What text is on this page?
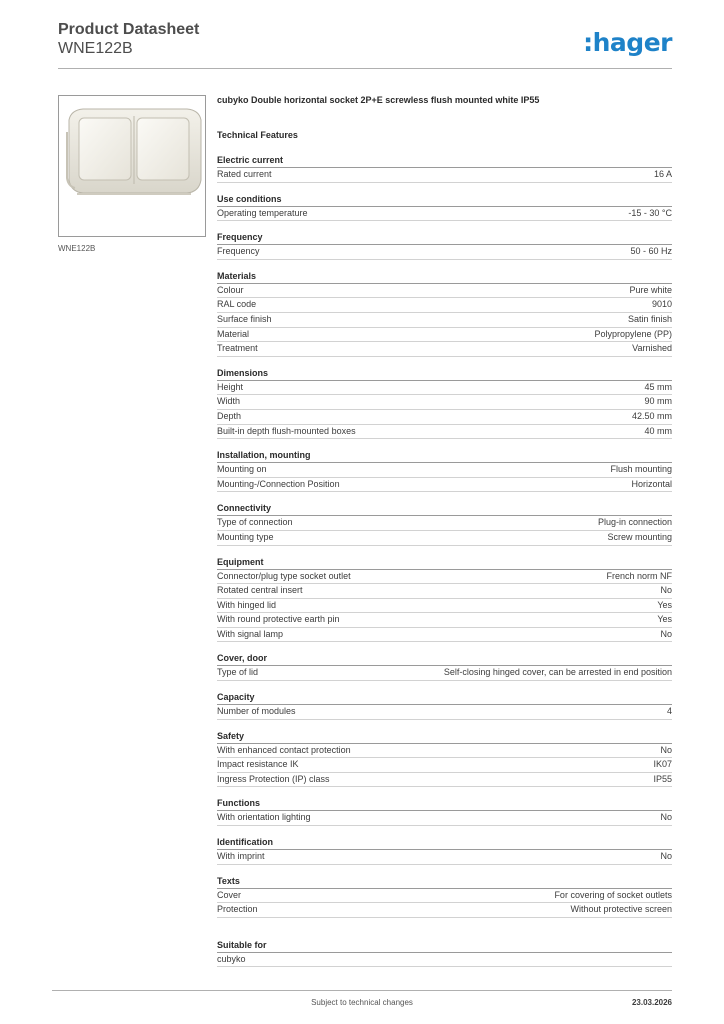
Product Datasheet
WNE122B	:hager
WNE122B
cubyko Double horizontal socket 2P+E screwless flush mounted white IP55
Technical Features
Electric current
Rated current	16 A
Use conditions
Operating temperature	-15 - 30 °C
Frequency
Frequency	50 - 60 Hz
Materials
Colour	Pure white
RAL code	9010
Surface finish	Satin finish
Material	Polypropylene (PP)
Treatment	Varnished
Dimensions
Height	45 mm
Width	90 mm
Depth	42.50 mm
Built-in depth flush-mounted boxes	40 mm
Installation, mounting
Mounting on	Flush mounting
Mounting-/Connection Position	Horizontal
Connectivity
Type of connection	Plug-in connection
Mounting type	Screw mounting
Equipment
Connector/plug type socket outlet	French norm NF
Rotated central insert	No
With hinged lid	Yes
With round protective earth pin	Yes
With signal lamp	No
Cover, door
Type of lid	Self-closing hinged cover, can be arrested in end position
Capacity
Number of modules	4
Safety
With enhanced contact protection	No
Impact resistance IK	IK07
Ingress Protection (IP) class	IP55
Functions
With orientation lighting	No
Identification
With imprint	No
Texts
Cover	For covering of socket outlets
Protection	Without protective screen
Suitable for
cubyko
Subject to technical changes	23.03.2026
